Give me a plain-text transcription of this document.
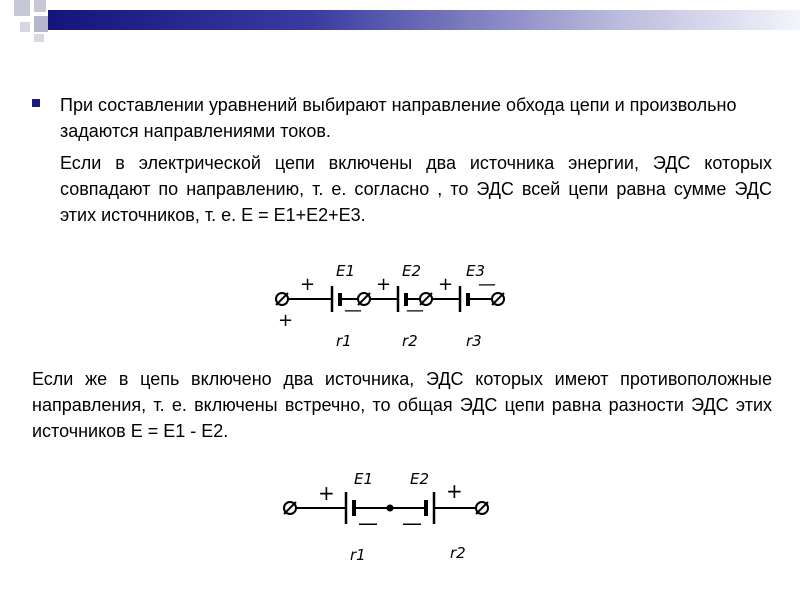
При составлении уравнений выбирают направление обхода цепи и произвольно задаются направлениями токов.
Если в электрической цепи включены два источника энергии, ЭДС которых совпадают по направлению, т. е. согласно , то ЭДС всей цепи равна сумме ЭДС этих источников, т. е. Е = Е1+Е2+Е3.
+
+	—
+
—
+ —
E1	E2	E3
r1	r2	r3
Если же в цепь включено два источника, ЭДС которых имеют противоположные направления, т. е. включены встречно, то общая ЭДС цепи равна разности ЭДС этих источников Е = Е1 - Е2.
+
— —
+
E1 E2
r1	r2
